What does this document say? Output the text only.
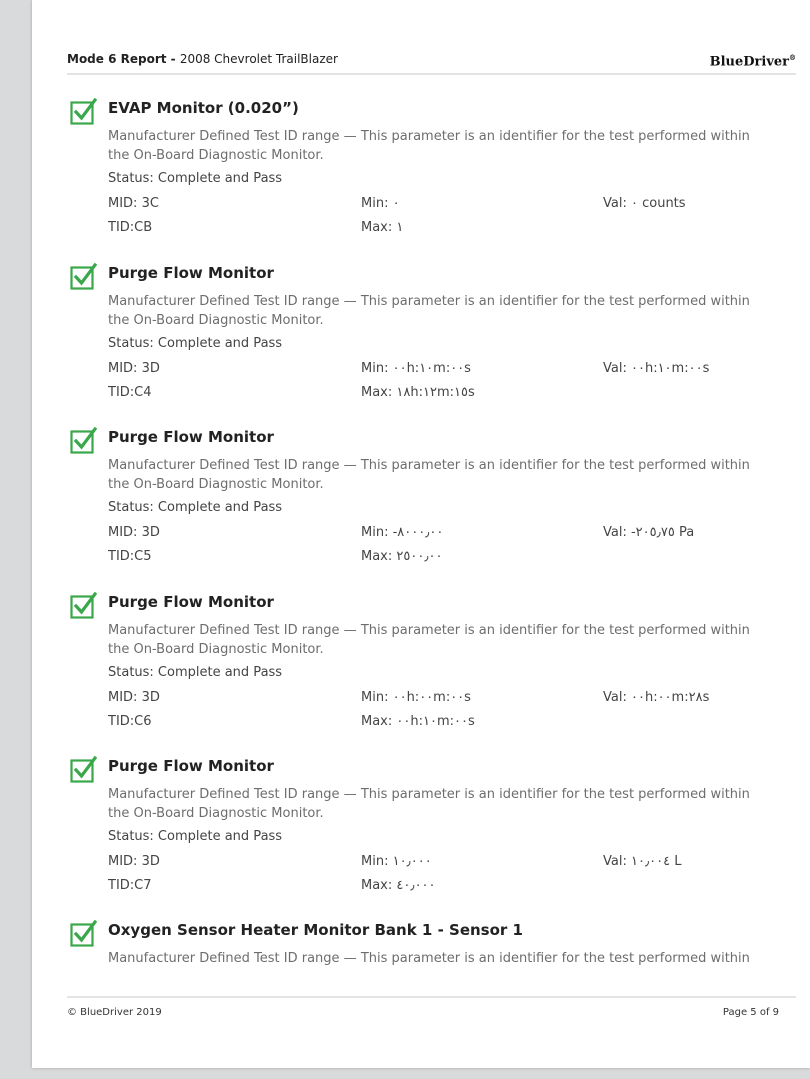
Mode 6 Report - 2008 Chevrolet TrailBlazer	BlueDriver®
EVAP Monitor (0.020”)
Manufacturer Defined Test ID range — This parameter is an identifier for the test performed within the On-Board Diagnostic Monitor.
Status: Complete and Pass
MID: 3C
TID:CB
Min: ٠
Max: ١
Val: ٠ counts
Purge Flow Monitor
Manufacturer Defined Test ID range — This parameter is an identifier for the test performed within the On-Board Diagnostic Monitor.
Status: Complete and Pass
MID: 3D
TID:C4
Min: ٠٠h:١٠m:٠٠s
Max: ١٨h:١٢m:١٥s
Val: ٠٠h:١٠m:٠٠s
Purge Flow Monitor
Manufacturer Defined Test ID range — This parameter is an identifier for the test performed within the On-Board Diagnostic Monitor.
Status: Complete and Pass
MID: 3D
TID:C5
Min: -٨٠٠٠٫٠٠
Max: ٢٥٠٠٫٠٠
Val: -٢٠٥٫٧٥ Pa
Purge Flow Monitor
Manufacturer Defined Test ID range — This parameter is an identifier for the test performed within the On-Board Diagnostic Monitor.
Status: Complete and Pass
MID: 3D
TID:C6
Min: ٠٠h:٠٠m:٠٠s
Max: ٠٠h:١٠m:٠٠s
Val: ٠٠h:٠٠m:٢٨s
Purge Flow Monitor
Manufacturer Defined Test ID range — This parameter is an identifier for the test performed within the On-Board Diagnostic Monitor.
Status: Complete and Pass
MID: 3D
TID:C7
Min: ١٠٫٠٠٠
Max: ٤٠٫٠٠٠
Val: ١٠٫٠٠٤ L
Oxygen Sensor Heater Monitor Bank 1 - Sensor 1
Manufacturer Defined Test ID range — This parameter is an identifier for the test performed within
© BlueDriver 2019	Page 5 of 9
